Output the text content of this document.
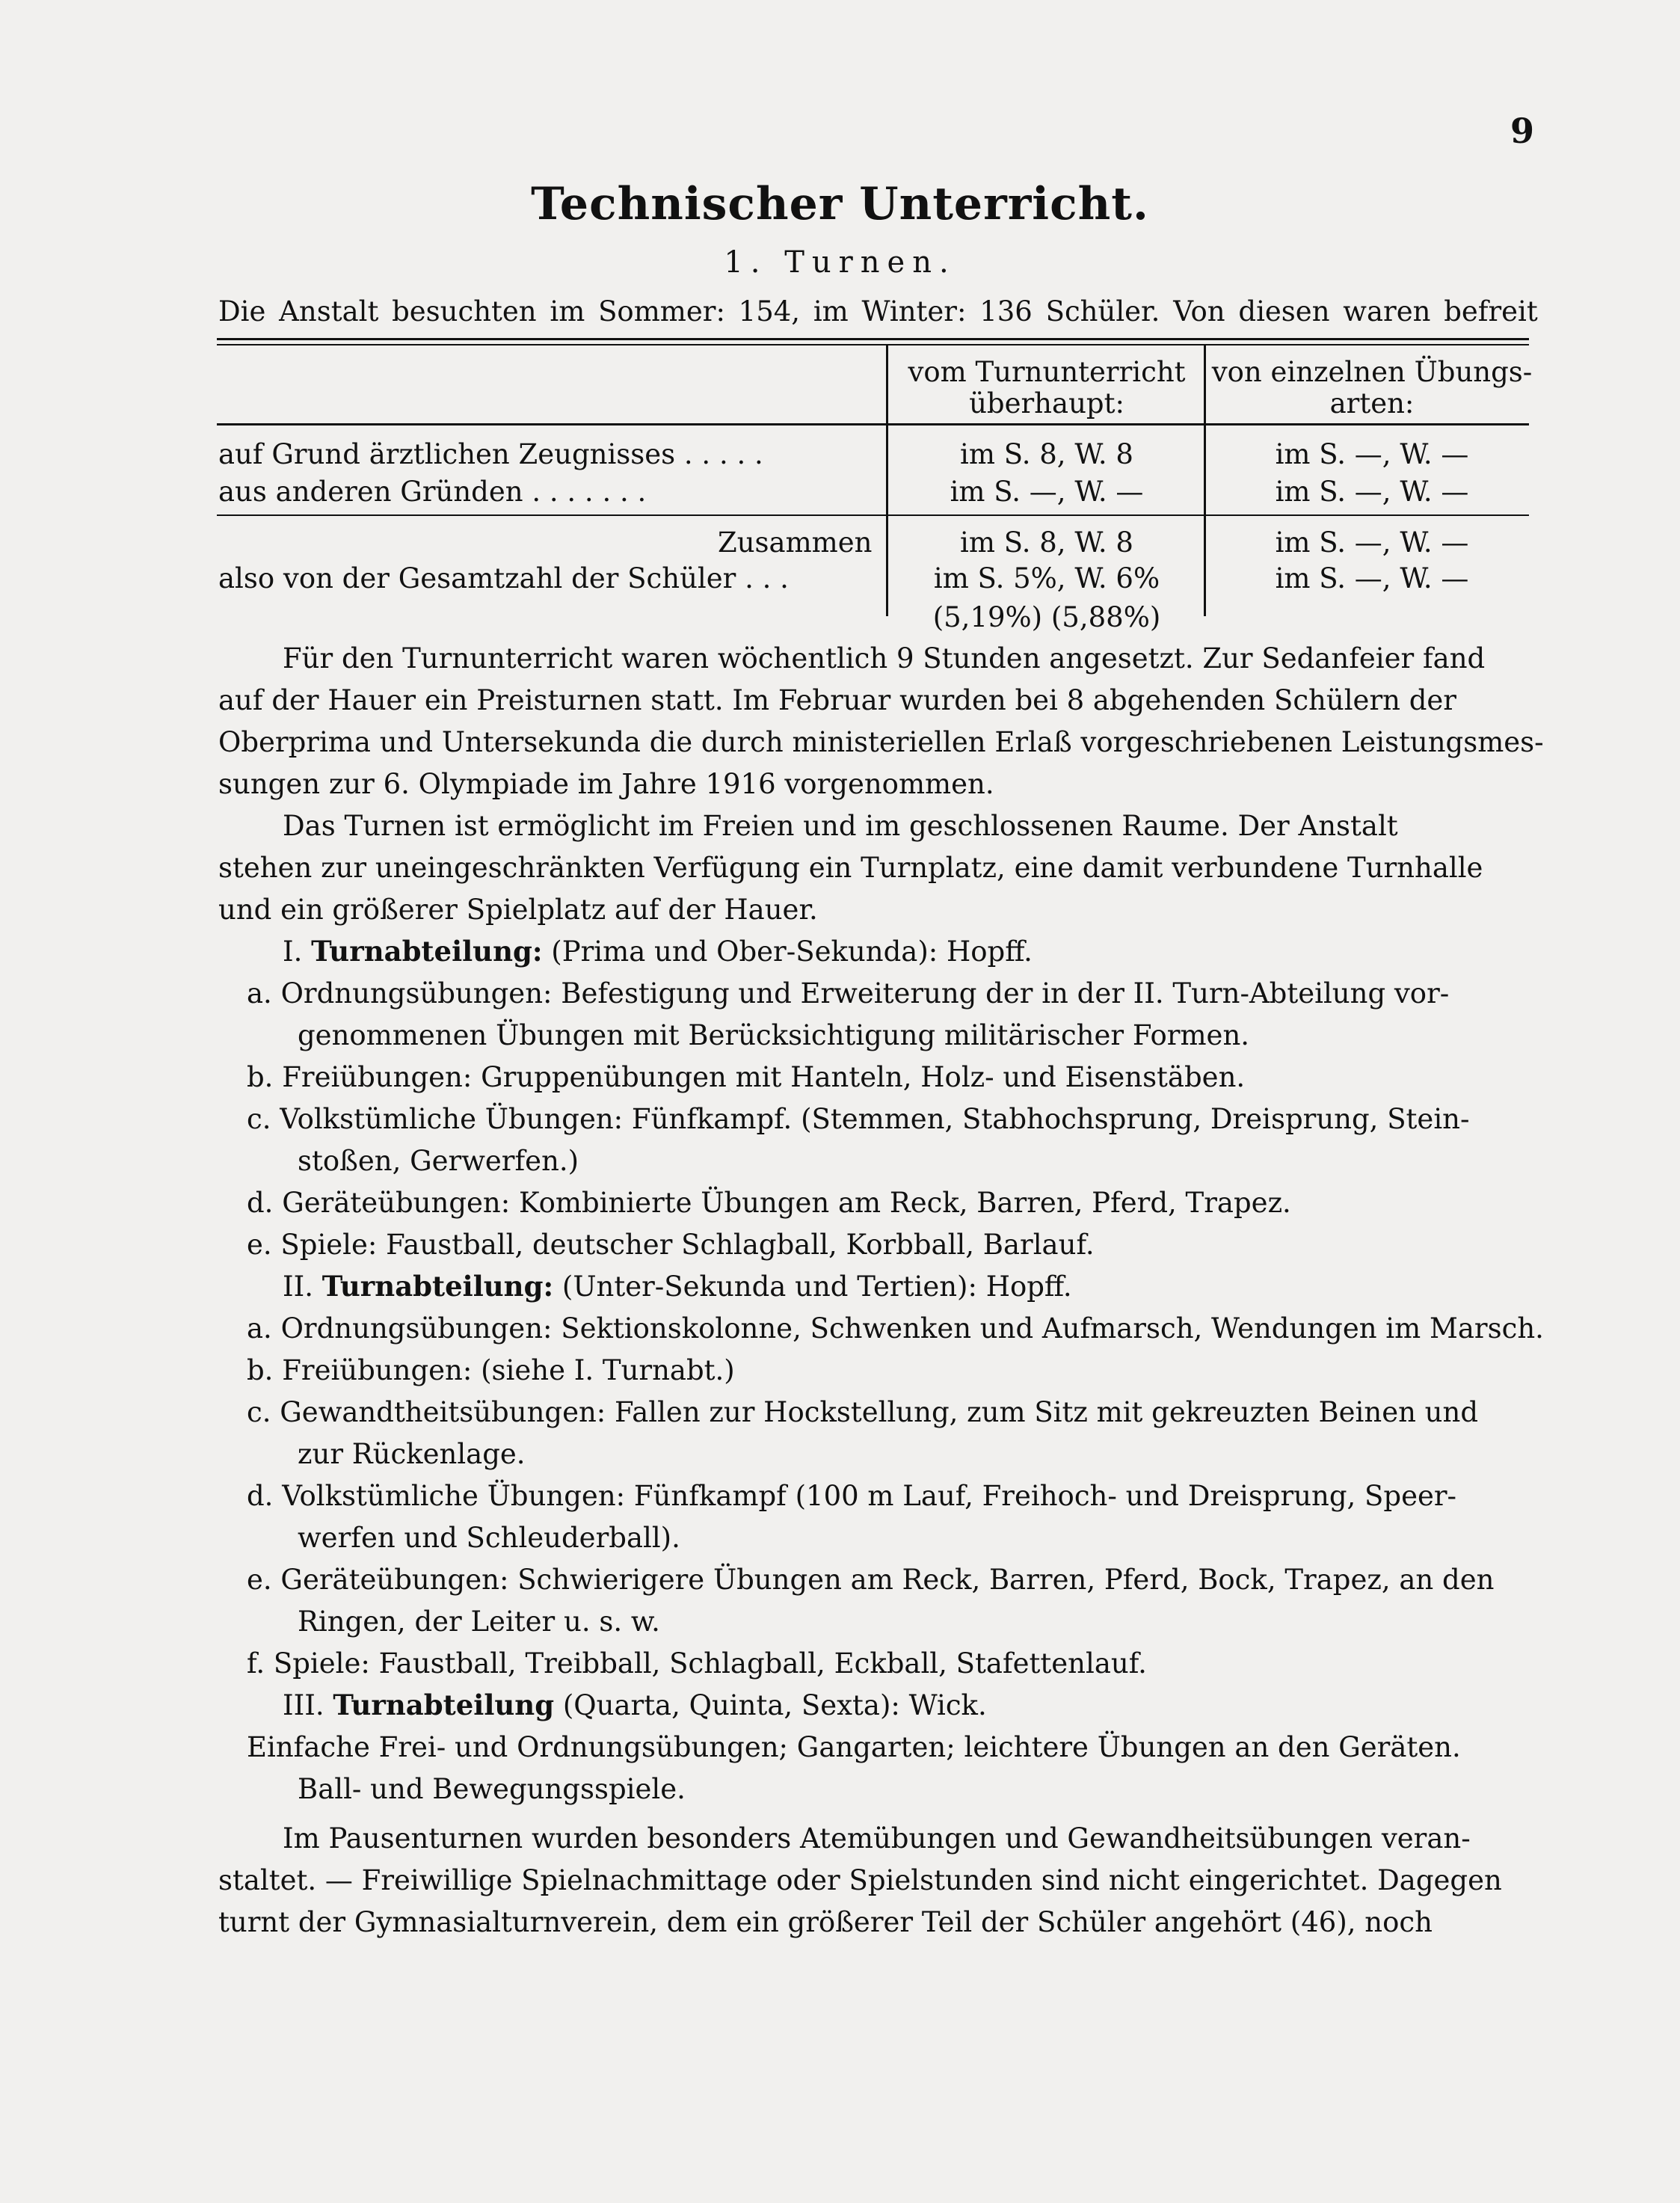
9
Technischer Unterricht.
1. Turnen.
Die Anstalt besuchten im Sommer: 154, im Winter: 136 Schüler. Von diesen waren befreit
vom Turnunterricht
überhaupt:
von einzelnen Übungs-
arten:
auf Grund ärztlichen Zeugnisses . . . . .	im S. 8, W. 8	im S. —, W. —
aus anderen Gründen . . . . . . .	im S. —, W. —	im S. —, W. —
Zusammen	im S. 8, W. 8	im S. —, W. —
also von der Gesamtzahl der Schüler . . .	im S. 5%, W. 6%	im S. —, W. —
(5,19%) (5,88%)
Für den Turnunterricht waren wöchentlich 9 Stunden angesetzt. Zur Sedanfeier fand
auf der Hauer ein Preisturnen statt. Im Februar wurden bei 8 abgehenden Schülern der
Oberprima und Untersekunda die durch ministeriellen Erlaß vorgeschriebenen Leistungsmes-
sungen zur 6. Olympiade im Jahre 1916 vorgenommen.
Das Turnen ist ermöglicht im Freien und im geschlossenen Raume. Der Anstalt
stehen zur uneingeschränkten Verfügung ein Turnplatz, eine damit verbundene Turnhalle
und ein größerer Spielplatz auf der Hauer.
I. Turnabteilung: (Prima und Ober-Sekunda): Hopff.
a. Ordnungsübungen: Befestigung und Erweiterung der in der II. Turn-Abteilung vor-
genommenen Übungen mit Berücksichtigung militärischer Formen.
b. Freiübungen: Gruppenübungen mit Hanteln, Holz- und Eisenstäben.
c. Volkstümliche Übungen: Fünfkampf. (Stemmen, Stabhochsprung, Dreisprung, Stein-
stoßen, Gerwerfen.)
d. Geräteübungen: Kombinierte Übungen am Reck, Barren, Pferd, Trapez.
e. Spiele: Faustball, deutscher Schlagball, Korbball, Barlauf.
II. Turnabteilung: (Unter-Sekunda und Tertien): Hopff.
a. Ordnungsübungen: Sektionskolonne, Schwenken und Aufmarsch, Wendungen im Marsch.
b. Freiübungen: (siehe I. Turnabt.)
c. Gewandtheitsübungen: Fallen zur Hockstellung, zum Sitz mit gekreuzten Beinen und
zur Rückenlage.
d. Volkstümliche Übungen: Fünfkampf (100 m Lauf, Freihoch- und Dreisprung, Speer-
werfen und Schleuderball).
e. Geräteübungen: Schwierigere Übungen am Reck, Barren, Pferd, Bock, Trapez, an den
Ringen, der Leiter u. s. w.
f. Spiele: Faustball, Treibball, Schlagball, Eckball, Stafettenlauf.
III. Turnabteilung (Quarta, Quinta, Sexta): Wick.
Einfache Frei- und Ordnungsübungen; Gangarten; leichtere Übungen an den Geräten.
Ball- und Bewegungsspiele.
Im Pausenturnen wurden besonders Atemübungen und Gewandheitsübungen veran-
staltet. — Freiwillige Spielnachmittage oder Spielstunden sind nicht eingerichtet. Dagegen
turnt der Gymnasialturnverein, dem ein größerer Teil der Schüler angehört (46), noch
